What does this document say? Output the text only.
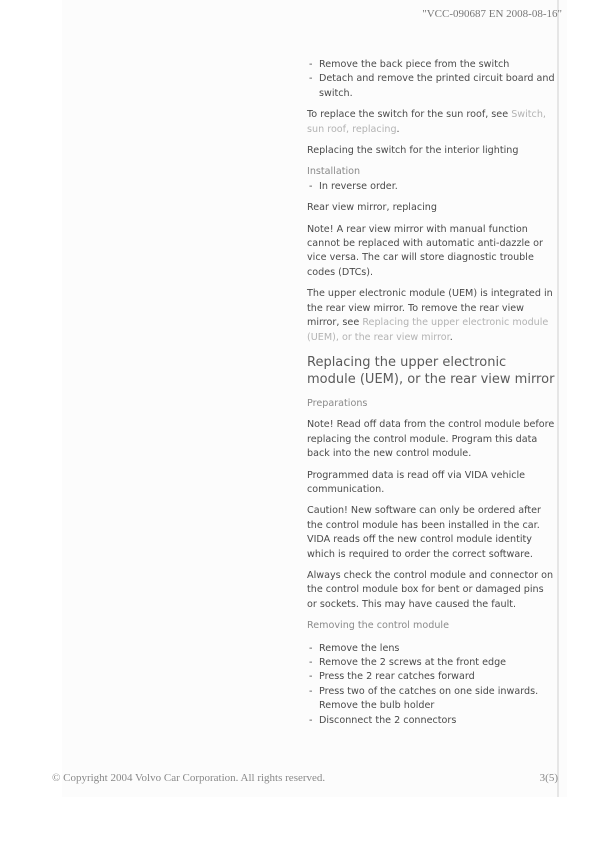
"VCC-090687 EN 2008-08-16"
- Remove the back piece from the switch
- Detach and remove the printed circuit board and switch.

To replace the switch for the sun roof, see Switch, sun roof, replacing.

Replacing the switch for the interior lighting

Installation

- In reverse order.

Rear view mirror, replacing

Note! A rear view mirror with manual function cannot be replaced with automatic anti-dazzle or vice versa. The car will store diagnostic trouble codes (DTCs).

The upper electronic module (UEM) is integrated in the rear view mirror. To remove the rear view mirror, see Replacing the upper electronic module (UEM), or the rear view mirror.

Replacing the upper electronic module (UEM), or the rear view mirror

Preparations

Note! Read off data from the control module before replacing the control module. Program this data back into the new control module.

Programmed data is read off via VIDA vehicle communication.

Caution! New software can only be ordered after the control module has been installed in the car. VIDA reads off the new control module identity which is required to order the correct software.

Always check the control module and connector on the control module box for bent or damaged pins or sockets. This may have caused the fault.

Removing the control module

- Remove the lens
- Remove the 2 screws at the front edge
- Press the 2 rear catches forward
- Press two of the catches on one side inwards. Remove the bulb holder
- Disconnect the 2 connectors
© Copyright 2004 Volvo Car Corporation. All rights reserved.	3(5)
